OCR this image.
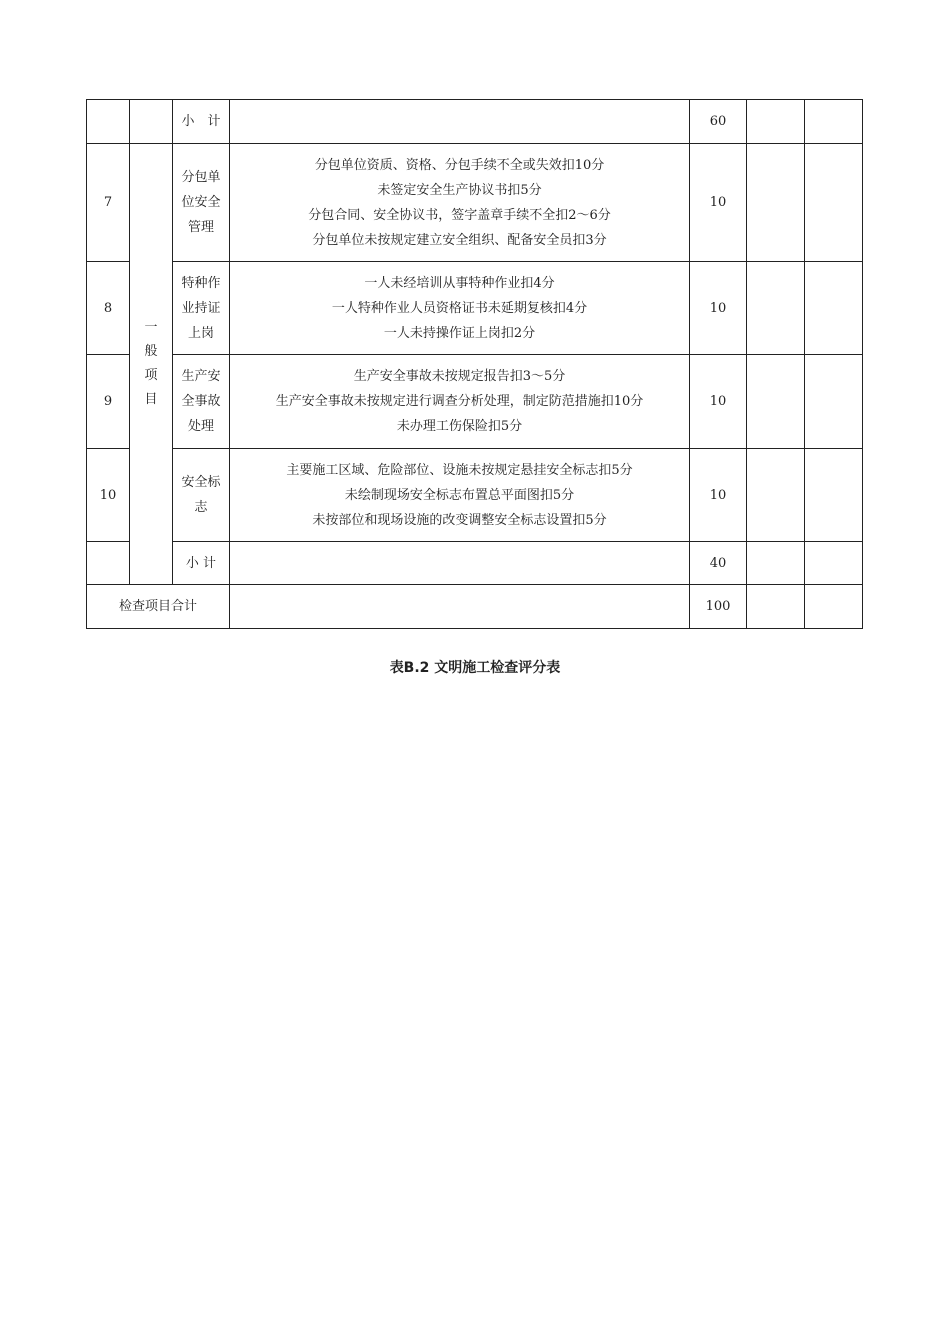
		小　计		60		
7	一
般
项
目	分包单
位安全
管理	分包单位资质、资格、分包手续不全或失效扣10分
未签定安全生产协议书扣5分
分包合同、安全协议书，签字盖章手续不全扣2～6分
分包单位未按规定建立安全组织、配备安全员扣3分	10		
8		特种作
业持证
上岗	一人未经培训从事特种作业扣4分
一人特种作业人员资格证书未延期复核扣4分
一人未持操作证上岗扣2分	10		
9		生产安
全事故
处理	生产安全事故未按规定报告扣3～5分
生产安全事故未按规定进行调查分析处理，制定防范措施扣10分
未办理工伤保险扣5分	10		
10		安全标
志	主要施工区域、危险部位、设施未按规定悬挂安全标志扣5分
未绘制现场安全标志布置总平面图扣5分
未按部位和现场设施的改变调整安全标志设置扣5分	10		
		小 计		40		
检查项目合计				100		
表B.2 文明施工检查评分表
